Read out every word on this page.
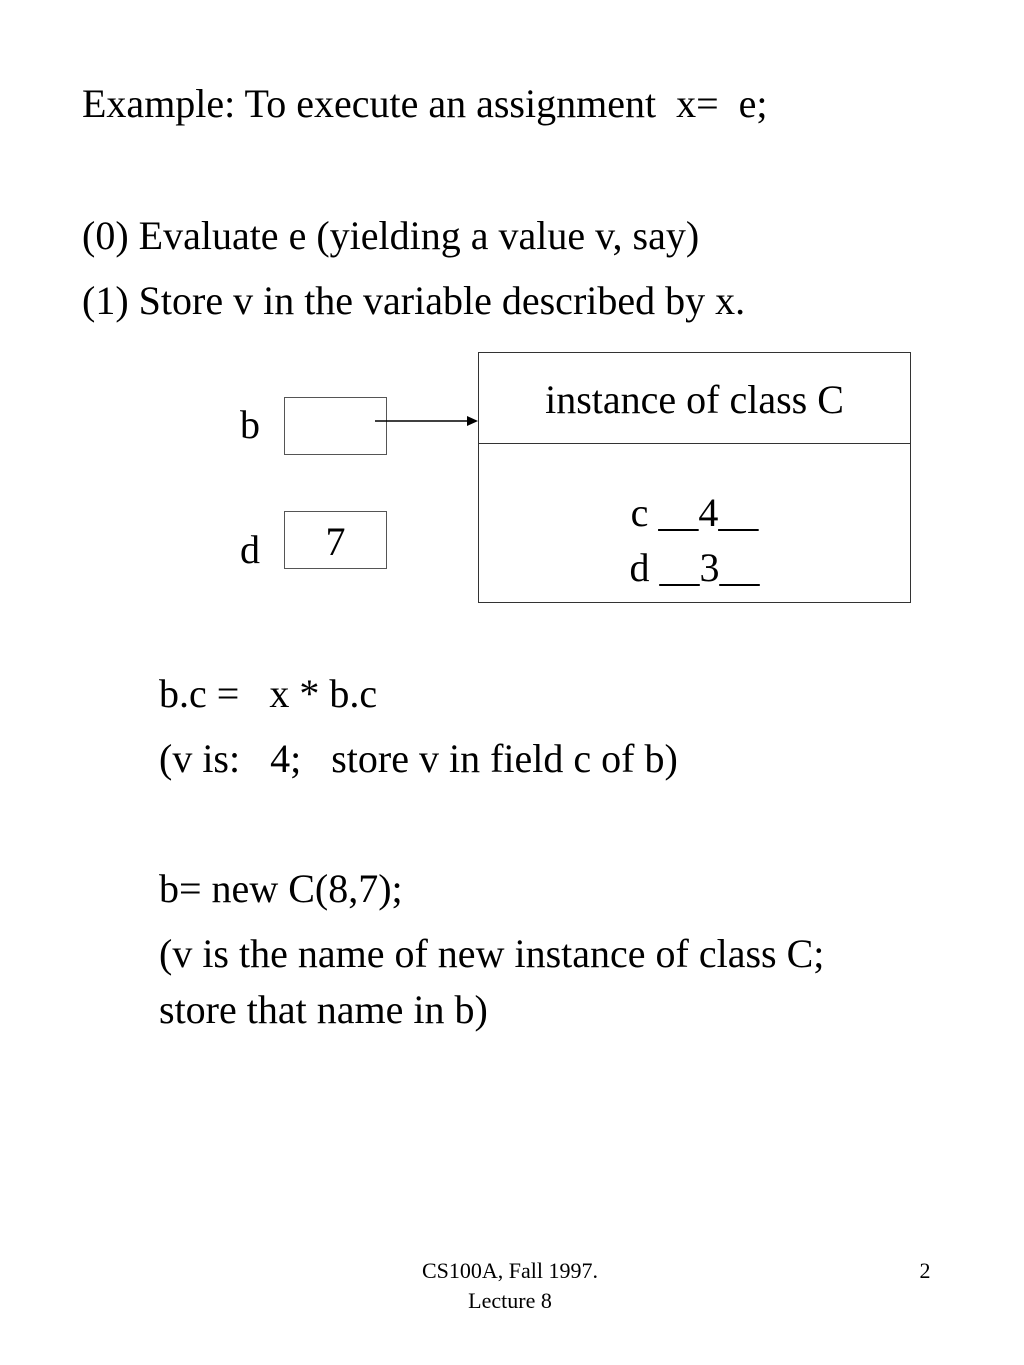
Example: To execute an assignment  x=  e;
(0) Evaluate e (yielding a value v, say)
(1) Store v in the variable described by x.
b
d	7
instance of class C
c __4__
d __3__
b.c =   x * b.c
(v is:   4;   store v in field c of b)
b= new C(8,7);
(v is the name of new instance of class C;
store that name in b)
CS100A, Fall 1997.
Lecture 8
2
